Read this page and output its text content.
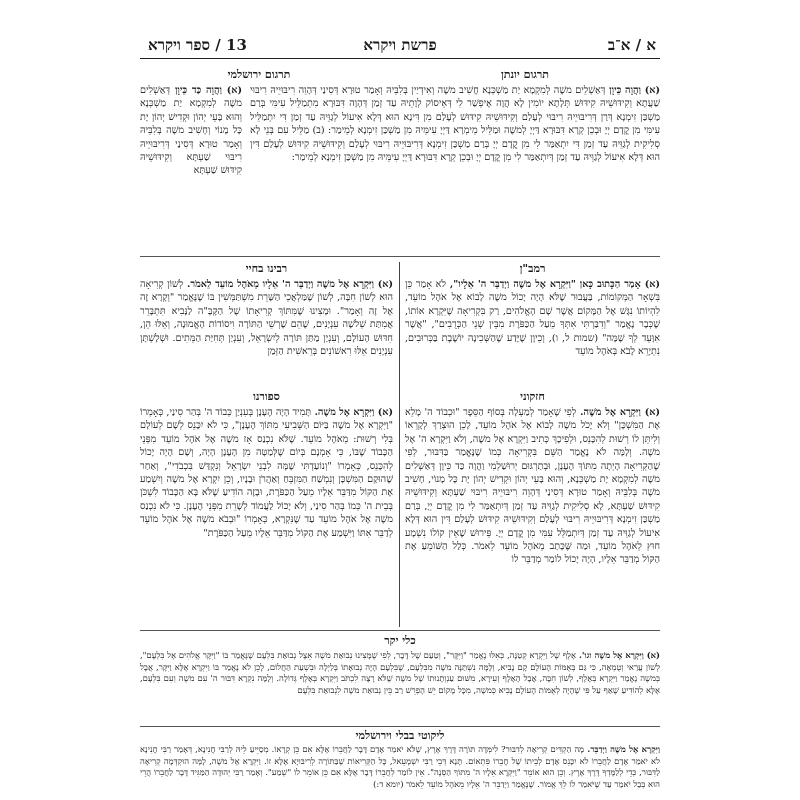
13 / ספר ויקרא	פרשת ויקרא	א / א־ב
תרגום יונתן
תרגום ירושלמי
(א) וַהֲוָה כֵּיוָן דְּאַשְׁלֵים משֶׁה לְמִקְמָא יַת מַשְׁכְּנָא חֲשִׁיב משֶׁה וְאִידְיַין בְּלִבֵּיהּ וְאָמַר טוּרָא דְּסִינַי דְּהָוֵה רִיבּוּיֵיהּ רִיבּוּי שַׁעֲתָא וְקִידּוּשֵׁיהּ קִידּוּשׁ תְּלָתָא יוֹמִין לָא הֲוָה אֶיפְשַׁר לִי דְּאֵיסוֹק לְוָתֵיהּ עַד זְמַן דְּהָוָה דִּבּוּרָא מִתְמַלֵּיל עִימִּי בְּרַם מַשְׁכַּן זִימְנָא דְּרַן דְּרִיבּוּיֵיהּ רִיבּוּי לְעָלַם וְקִידּוּשֵׁיהּ קִידּוּשׁ לְעָלַם מִן דִּינָא הוּא דְּלָא אִיעוֹל לְגַוֵּיהּ עַד זְמַן דִּי יִתְמַלֵּיל עִימִּי מִן קֳדָם יְיָ וּבְכֵן קְרָא דִּבּוּרָא דַּיְיָ לְמשֶׁה וּמַלֵּיל מֵימְרָא דַּיְיָ עִימֵּיהּ מִן מַשְׁכַּן זִימְנָא לְמֵימַר: (ב) מַלֵּיל עִם בְּנֵי לָא סְלִיקִית לְגַוֵּיהּ עַד זְמַן דִּי יִתְאַמַּר לִי מִן קֳדָם יְיָ בְּרַם מַשְׁכַּן זִימְנָא דְּרִיבּוּיֵיהּ רִיבּוּי לְעָלַם וְקִידּוּשֵׁיהּ קִידּוּשׁ לְעָלַם דִּין הוּא דְּלָא אִיעוֹל לְגַוֵּיהּ עַד זְמַן דְּיִתְאַמַּר לִי מִן קֳדָם יְיָ וּבְכֵן קְרָא דִּבּוּרָא דַּיְיָ עִימֵּיהּ מִן מַשְׁכַּן זִימְנָא לְמֵימַר:
(א) וַהֲוָה כַּד כֵּיוָן דְּאַשְׁלִים משֶׁה לְמִקְמָא יַת מַשְׁכְּנָא וְהוּא בָּעֵי יְהוֹן וּקְדִישׁ יְהוֹן יָת כָּל מָנוֹי וְחָשִׁיב משֶׁה בְּלִבֵּיהּ וְאָמַר טוּרָא דְּסִינַי דְּרִיבּוּיֵיהּ רִיבּוּי שַׁעְתָּא וְקִידּוּשֵׁיהּ קִידּוּשׁ שַׁעְתָּא
רמב"ן
(א) אָמַר הַכָּתוּב כָּאן "וַיִּקְרָא אֶל משֶׁה וַיְדַבֵּר ה' אֵלָיו", לֹא אָמַר כֵּן בִּשְׁאָר הַמְּקוֹמוֹת, בַּעֲבוּר שֶׁלֹּא הָיָה יָכוֹל משֶׁה לָבוֹא אֶל אֹהֶל מוֹעֵד, לִהְיוֹתוֹ נִגָּשׁ אֶל הַמָּקוֹם אֲשֶׁר שָׁם הָאֱלֹהִים, רַק בִּקְרִיאָה שֶׁיִּקְרָא אוֹתוֹ, שֶׁכְּבָר נֶאֱמַר "וְדִבַּרְתִּי אִתְּךָ מֵעַל הַכַּפֹּרֶת מִבֵּין שְׁנֵי הַכְּרֻבִים", "אֲשֶׁר אִוָּעֵד לְךָ שָׁמָּה" (שמות ל, ו), וְכֵיוָן שֶׁיָּדַע שֶׁהַשְּׁכִינָה יוֹשֶׁבֶת בַּכְּרוּבִים, נִתְיָרֵא לָבֹא בְּאֹהֶל מוֹעֵד
חזקוני
(א) וַיִּקְרָא אֶל משֶׁה. לְפִי שֶׁאָמַר לְמַעְלָה בְּסוֹף הַסֵּפֶר "וּכְבוֹד ה' מָלֵא אֶת הַמִּשְׁכָּן" וְלֹא יָכֹל משֶׁה לָבוֹא אֶל אֹהֶל מוֹעֵד, לָכֵן הוּצְרַךְ לְקָרְאוֹ וְלִיתֵּן לוֹ רְשׁוּת לְהִכָּנֵס, וּלְפִיכָךְ כְּתִיב וַיִּקְרָא אֶל משֶׁה, וְלֹא וַיִּקְרָא ה' אֶל משֶׁה. וְלָמָּה לֹא נֶאֱמַר הַשֵּׁם בִּקְרִיאָה כְּמוֹ שֶׁנֶּאֱמַר בַּדִּבּוּר, לְפִי שֶׁהַקְּרִיאָה הָיְתָה מִתּוֹךְ הֶעָנָן, וּבְתַרְגּוּם יְרוּשַׁלְמִי וַהֲוָה כַּד כֵּיוָן דְּאַשְׁלִים משֶׁה לְמִקְמָא יָת מַשְׁכְּנָא, וְהוּא בָּעֵי יְהוֹן וּקְדִישׁ יְהוֹן יָת כָּל מָנוֹי, חָשִׁיב משֶׁה בְּלִבֵּיהּ וְאָמַר טוּרָא דְּסִינַי דְּהָוֵה רִיבּוּיֵיהּ רִיבּוּי שַׁעְתָּא וְקִידּוּשֵׁיהּ קִידּוּשׁ שַׁעְתָּא, לָא סְלִיקִית לְגַוֵּיהּ עַד זְמַן דְּיִתְאַמַּר לִי מִן קֳדָם יְיָ, בְּרַם מַשְׁכַּן זִימְנָא דְּרִיבּוּיֵיהּ רִיבּוּי לְעָלַם וְקִידּוּשֵׁיהּ קִידּוּשׁ לְעָלַם דִּין הוּא דְּלָא אִיעוֹל לְגַוֵּיהּ עַד זְמַן דְּיִתְמַלֵּל עִמִּי מִן קֳדָם יְיָ. פֵּירוּשׁ שֶׁאֵין קוֹלוֹ נִשְׁמָע חוּץ לְאֹהֶל מוֹעֵד, וּמַה שֶּׁכָּתַב מֵאֹהֶל מוֹעֵד לֵאמֹר. כְּלַל הַשּׁוֹמֵעַ אֶת הַקּוֹל מְדַבֵּר אֵלָיו, הָיָה יָכוֹל לוֹמַר מְדַבֵּר לוֹ
רבינו בחיי
(א) וַיִּקְרָא אֶל משֶׁה וַיְדַבֵּר ה' אֵלָיו מֵאֹהֶל מוֹעֵד לֵאמֹר. לְשׁוֹן קְרִיאָה הוּא לְשׁוֹן חִבָּה, לְשׁוֹן שֶׁמַּלְאֲכֵי הַשָּׁרֵת מִשְׁתַּמְּשִׁין בּוֹ שֶׁנֶּאֱמַר "וְקָרָא זֶה אֶל זֶה וְאָמַר". וּמָצִינוּ שֶׁמִּתּוֹךְ קְרִיאָתוֹ שֶׁל הַקָּבָּ"ה לַנָּבִיא תִּתְבָּרֵר אֲמִתַּת שְׁלֹשָׁה עִנְיָנִים, שֶׁהֵם שָׁרְשֵׁי הַתּוֹרָה וִיסוֹדוֹת הָאֱמוּנָה, וְאֵלּוּ הֵן, חִדּוּשׁ הָעוֹלָם, וְעִנְיַן מַתַּן תּוֹרָה לְיִשְׂרָאֵל, וְעִנְיַן תְּחִיַּת הַמֵּתִים. וּשְׁלָשְׁתָּן עִנְיָנִים אֵלּוּ רִאשׁוֹנִים בְּרֵאשִׁית הַזְּמַן
ספורנו
(א) וַיִּקְרָא אֶל משֶׁה. תָּמִיד הָיָה הֶעָנָן בְּעִנְיַן כְּבוֹד ה' בְּהַר סִינַי, כְּאָמְרוֹ "וַיִּקְרָא אֶל משֶׁה בַּיּוֹם הַשְּׁבִיעִי מִתּוֹךְ הֶעָנָן", כִּי לֹא יִכָּנֵס לְשָׁם לְעוֹלָם בְּלִי רְשׁוּת: מֵאֹהֶל מוֹעֵד. שֶׁלֹּא נִכְנַס אָז משֶׁה אֶל אֹהֶל מוֹעֵד מִפְּנֵי הַכָּבוֹד שֶׁבּוֹ, כִּי אָמְנָם בְּיוֹם שֶׁלְּמַטָּה מִן הָעָנָן הָיָה, וְשָׁם הָיָה יָכוֹל לְהִכָּנֵס, כְּאָמְרוֹ "וְנוֹעַדְתִּי שָׁמָּה לִבְנֵי יִשְׂרָאֵל וְנִקְדַּשׁ בִּכְבֹדִי", וְאַחַר שֶׁהוּקַם הַמִּשְׁכָּן וְנִמְשַׁח הַמִּזְבֵּחַ וְאַהֲרֹן וּבָנָיו, וְכֵן יִקְרָא אֶל משֶׁה וְיִשְׁמַע אֶת הַקּוֹל מִדַּבֵּר אֵלָיו מֵעַל הַכַּפֹּרֶת, וּבָזֶה הוֹדִיעַ שֶׁלֹּא בָּא הַכָּבוֹד לִשְׁכֹּן בְּבֵית ה' כְּמוֹ בְּהַר סִינַי, וְלֹא יָכוֹל לַעֲמוֹד לְשָׁרֵת מִפְּנֵי הֶעָנָן. כִּי לֹא נִכְנַס משֶׁה אֶל אֹהֶל מוֹעֵד עַד שֶׁנִּקְרָא, כְּאָמְרוֹ "וּבְבֹא משֶׁה אֶל אֹהֶל מוֹעֵד לְדַבֵּר אִתּוֹ וַיִּשְׁמַע אֶת הַקּוֹל מִדַּבֵּר אֵלָיו מֵעַל הַכַּפֹּרֶת"
כלי יקר
(א) וַיִּקְרָא אֶל משֶׁה וגו'. אָלֶף שֶׁל וַיִּקְרָא קְטַנָּה, כְּאִלּוּ נֶאֱמַר "וַיִּקָּר", וְטַעַם שֶׁל דָּבָר, לְפִי שֶׁמָּצִינוּ נְבוּאַת משֶׁה אֵצֶל נְבוּאַת בִּלְעָם שֶׁנֶּאֱמַר בּוֹ "וַיִּקָּר אֱלֹהִים אֶל בִּלְעָם", לְשׁוֹן עֲרַאי וְטֻמְאָה, כִּי גַּם בְּאֻמּוֹת הָעוֹלָם קָם נָבִיא, וְלָמָּה נִשְׁתַּנָּה משֶׁה מִבִּלְעָם, שֶׁבִּלְעָם הָיָה נְבוּאָתוֹ בְּלַיְלָה וּבִשְׁעַת הַחֲלוֹם, לָכֵן לֹא נֶאֱמַר בּוֹ וַיִּקְרָא אֶלָּא וַיִּקָּר, אֲבָל בְּמשֶׁה נֶאֱמַר וַיִּקְרָא בְּאָלֶף, לְשׁוֹן חִבָּה, אֲבָל הָאָלֶף זְעִירָא, מִשּׁוּם עַנְוְתָנוּתוֹ שֶׁל משֶׁה שֶׁלֹּא רָצָה לִכְתֹּב וַיִּקְרָא בְּאָלֶף גְּדוֹלָה. וְלָמָּה נִקְרָא דִּבּוּר ה' עִם משֶׁה וְעִם בִּלְעָם, אֶלָּא לְהוֹדִיעַ שֶׁאַף עַל פִּי שֶׁהָיָה לְאֻמּוֹת הָעוֹלָם נָבִיא כְּמשֶׁה, מִכָּל מָקוֹם יֵשׁ הֶפְרֵשׁ רַב בֵּין נְבוּאַת משֶׁה לִנְבוּאַת בִּלְעָם
ליקוטי בבלי וירושלמי
וַיִּקְרָא אֶל משֶׁה וַיְדַבֵּר. מָה הַקְדִּים קְרִיאָה לְדִבּוּר? לִימְּדָה תּוֹרָה דֶּרֶךְ אֶרֶץ, שֶׁלֹּא יֹאמַר אָדָם דָּבָר לַחֲבֵרוֹ אֶלָּא אִם כֵּן קְרָאוֹ. מְסַיֵּיעַ לֵיהּ לְרַבִּי חֲנִינָא, דְּאָמַר רַבִּי חֲנִינָא לֹא יֹאמַר אָדָם לַחֲבֵרוֹ לֹא יִכָּנֵס אָדָם לְבֵיתוֹ שֶׁל חֲבֵרוֹ פִּתְאוֹם. תָּנָא דְּבֵי רַבִּי יִשְׁמָעֵאל, כָּל הַקְּרִיאוֹת שֶׁבַּתּוֹרָה לְרִיבּוּיָא אֶלָּא זוֹ. וַיִּקְרָא אֶל משֶׁה, לָמָּה הוּקְדְּמָה קְרִיאָה לַדִּבּוּר, כְּדֵי לְלַמֶּדְךָ דֶּרֶךְ אֶרֶץ. וְכֵן הוּא אוֹמֵר "וַיִּקְרָא אֵלָיו ה' מִתּוֹךְ הַסְּנֶה". אֵין לוֹמַר לְחֲבֵרוֹ דָּבָר אֶלָּא אִם כֵּן אוֹמֵר לוֹ "שְׁמַע". וְאָמַר רַבִּי יְהוּדָה הַמַּגִּיד דָּבָר לַחֲבֵרוֹ הֲרֵי הוּא בְּבַל יֹאמַר עַד שֶׁיֹּאמַר לוֹ לֵךְ אֱמוֹר. שֶׁנֶּאֱמַר וַיְדַבֵּר ה' אֵלָיו מֵאֹהֶל מוֹעֵד לֵאמֹר (יומא ד:)
